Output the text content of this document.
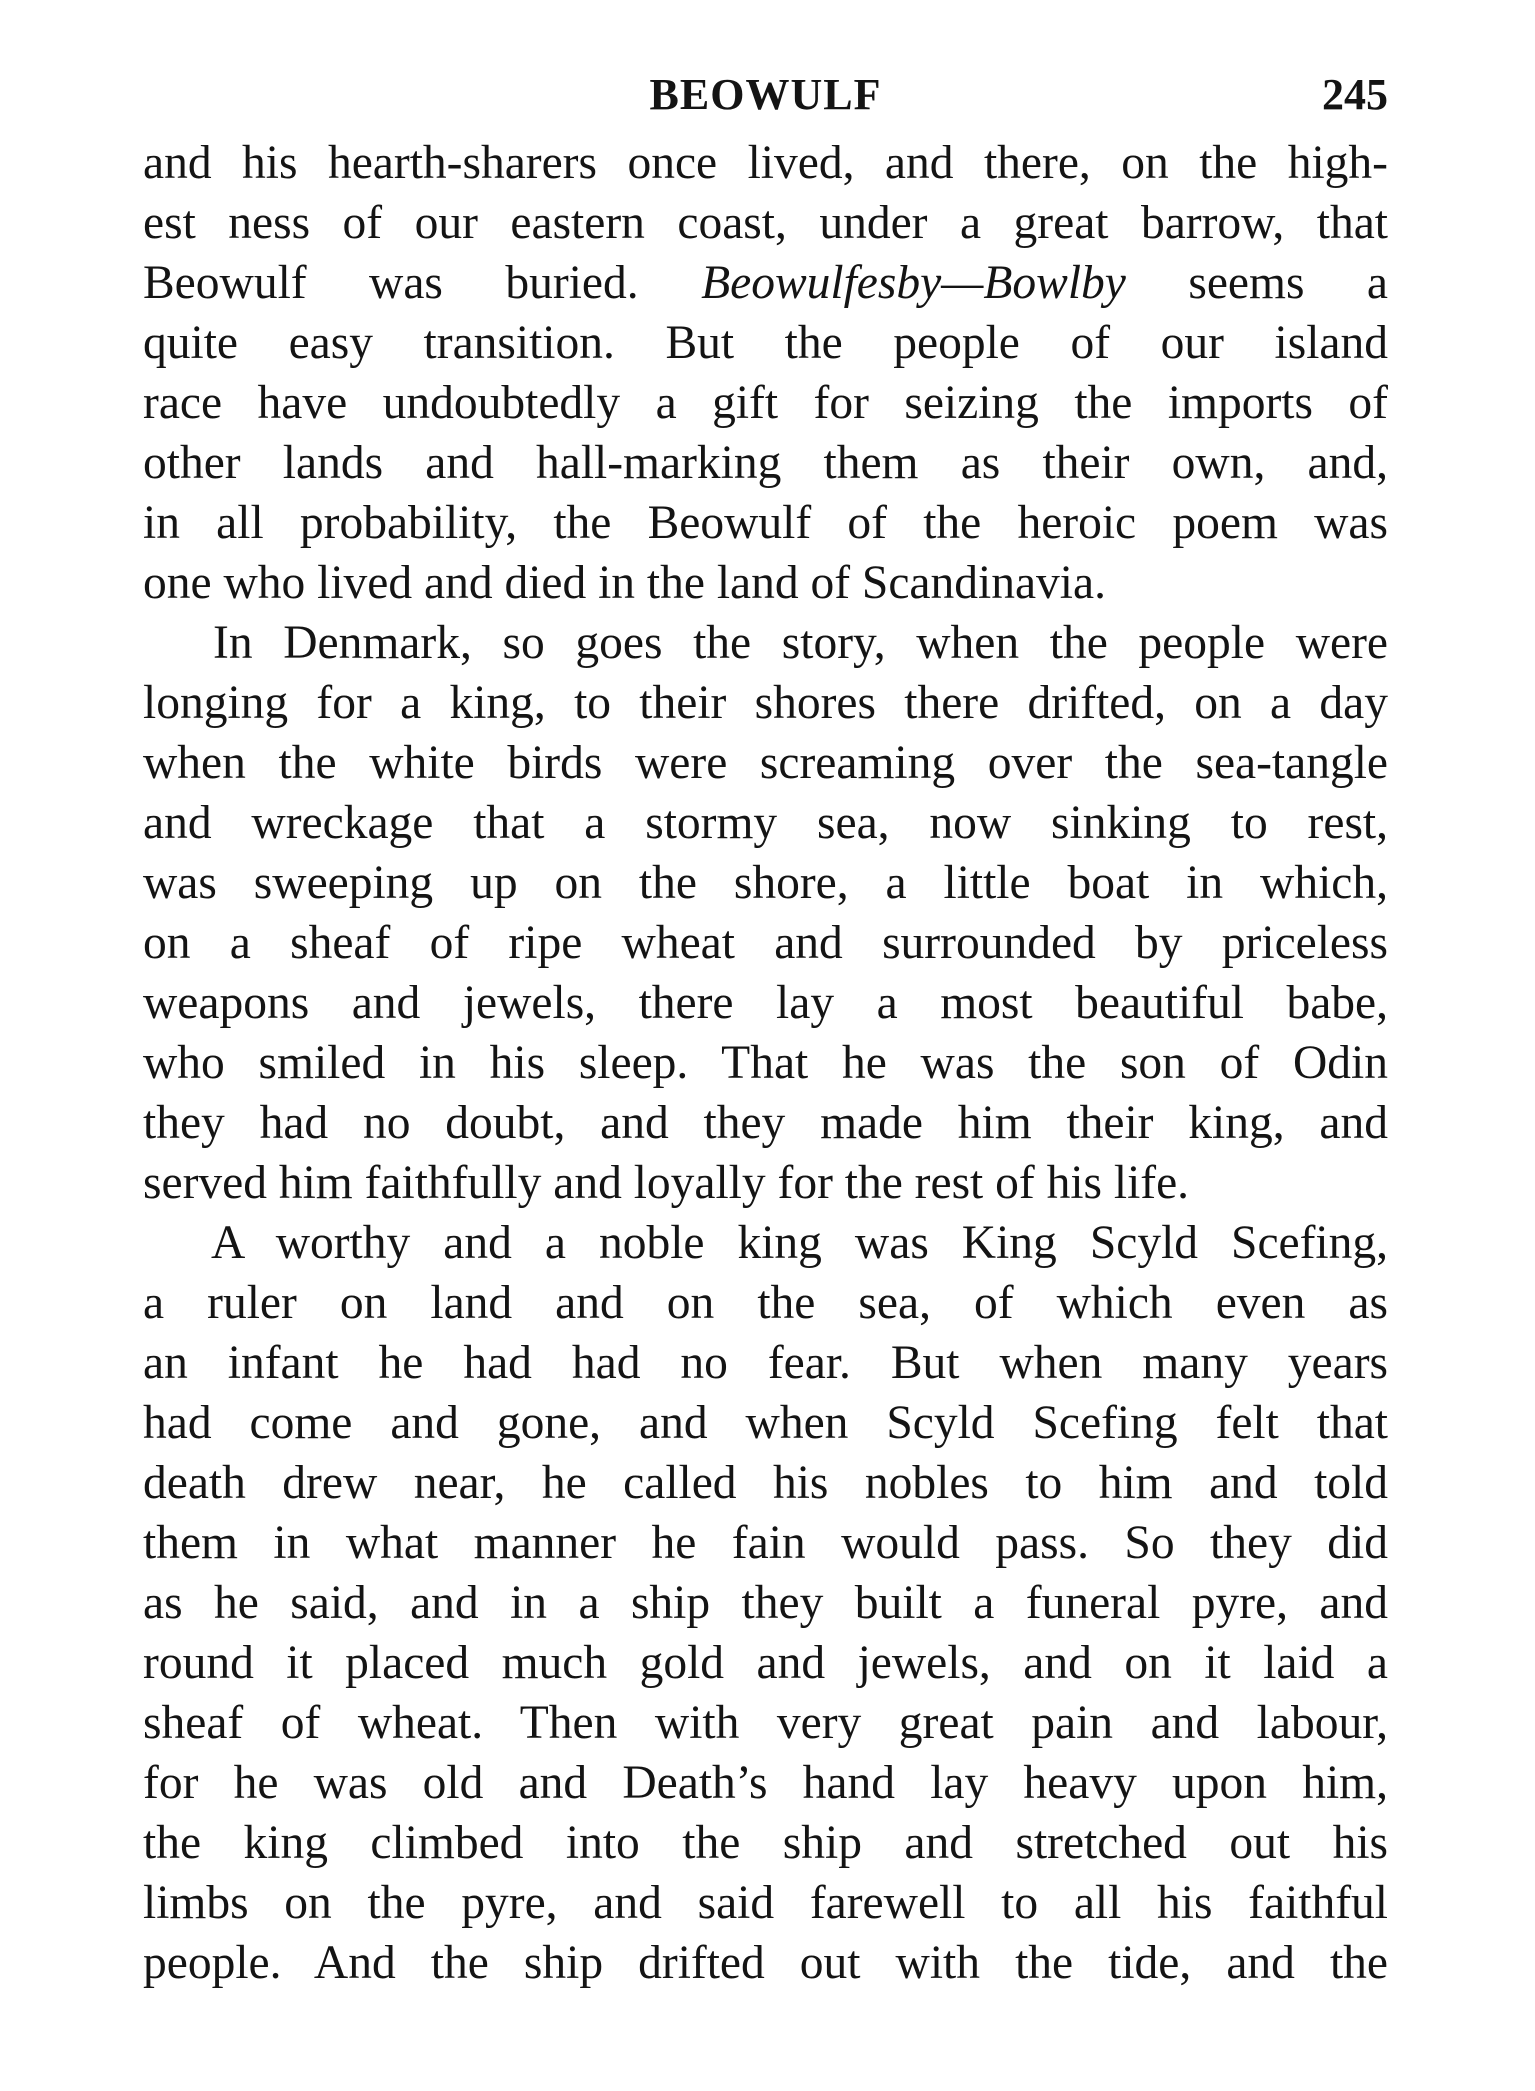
BEOWULF	245
and his hearth-sharers once lived, and there, on the high-
est ness of our eastern coast, under a great barrow, that
Beowulf was buried. Beowulfesby—Bowlby seems a
quite easy transition. But the people of our island
race have undoubtedly a gift for seizing the imports of
other lands and hall-marking them as their own, and,
in all probability, the Beowulf of the heroic poem was
one who lived and died in the land of Scandinavia.
In Denmark, so goes the story, when the people were
longing for a king, to their shores there drifted, on a day
when the white birds were screaming over the sea-tangle
and wreckage that a stormy sea, now sinking to rest,
was sweeping up on the shore, a little boat in which,
on a sheaf of ripe wheat and surrounded by priceless
weapons and jewels, there lay a most beautiful babe,
who smiled in his sleep. That he was the son of Odin
they had no doubt, and they made him their king, and
served him faithfully and loyally for the rest of his life.
A worthy and a noble king was King Scyld Scefing,
a ruler on land and on the sea, of which even as
an infant he had had no fear. But when many years
had come and gone, and when Scyld Scefing felt that
death drew near, he called his nobles to him and told
them in what manner he fain would pass. So they did
as he said, and in a ship they built a funeral pyre, and
round it placed much gold and jewels, and on it laid a
sheaf of wheat. Then with very great pain and labour,
for he was old and Death’s hand lay heavy upon him,
the king climbed into the ship and stretched out his
limbs on the pyre, and said farewell to all his faithful
people. And the ship drifted out with the tide, and the
